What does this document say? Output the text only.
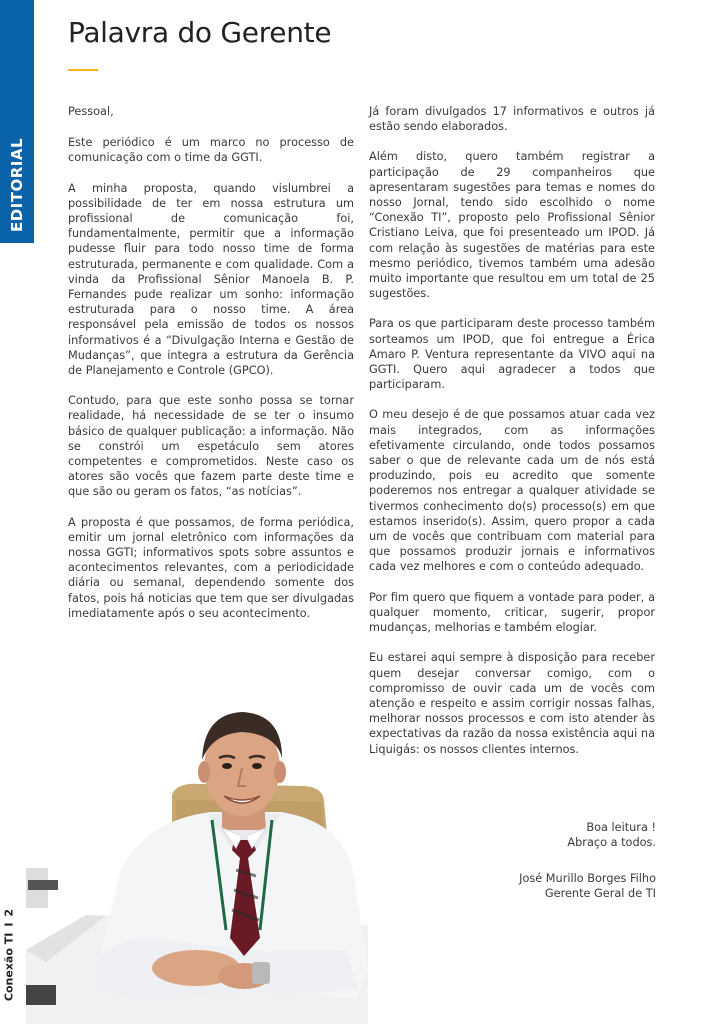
EDITORIAL
Conexão TII2
Palavra do Gerente

Pessoal,

Este periódico é um marco no processo de comunicação com o time da GGTI.

A minha proposta, quando vislumbrei a possibilidade de ter em nossa estrutura um profissional de comunicação foi, fundamentalmente, permitir que a informação pudesse fluir para todo nosso time de forma estruturada, permanente e com qualidade. Com a vinda da Profissional Sênior Manoela B. P. Fernandes pude realizar um sonho: informação estruturada para o nosso time. A área responsável pela emissão de todos os nossos informativos é a “Divulgação Interna e Gestão de Mudanças”, que integra a estrutura da Gerência de Planejamento e Controle (GPCO).

Contudo, para que este sonho possa se tornar realidade, há necessidade de se ter o insumo básico de qualquer publicação: a informação. Não se constrói um espetáculo sem atores competentes e comprometidos. Neste caso os atores são vocês que fazem parte deste time e que são ou geram os fatos, “as notícias”.

A proposta é que possamos, de forma periódica, emitir um jornal eletrônico com informações da nossa GGTI; informativos spots sobre assuntos e acontecimentos relevantes, com a periodicidade diária ou semanal, dependendo somente dos fatos, pois há noticias que tem que ser divulgadas imediatamente após o seu acontecimento.

Já foram divulgados 17 informativos e outros já estão sendo elaborados.

Além disto, quero também registrar a participação de 29 companheiros que apresentaram sugestões para temas e nomes do nosso Jornal, tendo sido escolhido o nome “Conexão TI”, proposto pelo Profissional Sênior Cristiano Leiva, que foi presenteado um IPOD. Já com relação às sugestões de matérias para este mesmo periódico, tivemos também uma adesão muito importante que resultou em um total de 25 sugestões.

Para os que participaram deste processo também sorteamos um IPOD, que foi entregue a Érica Amaro P. Ventura representante da VIVO aqui na GGTI. Quero aqui agradecer a todos que participaram.

O meu desejo é de que possamos atuar cada vez mais integrados, com as informações efetivamente circulando, onde todos possamos saber o que de relevante cada um de nós está produzindo, pois eu acredito que somente poderemos nos entregar a qualquer atividade se tivermos conhecimento do(s) processo(s) em que estamos inserido(s). Assim, quero propor a cada um de vocês que contribuam com material para que possamos produzir jornais e informativos cada vez melhores e com o conteúdo adequado.

Por fim quero que fiquem a vontade para poder, a qualquer momento, criticar, sugerir, propor mudanças, melhorias e também elogiar.

Eu estarei aqui sempre à disposição para receber quem desejar conversar comigo, com o compromisso de ouvir cada um de vocês com atenção e respeito e assim corrigir nossas falhas, melhorar nossos processos e com isto atender às expectativas da razão da nossa existência aqui na Liquigás: os nossos clientes internos.

Boa leitura !
Abraço a todos.
José Murillo Borges Filho
Gerente Geral de TI
